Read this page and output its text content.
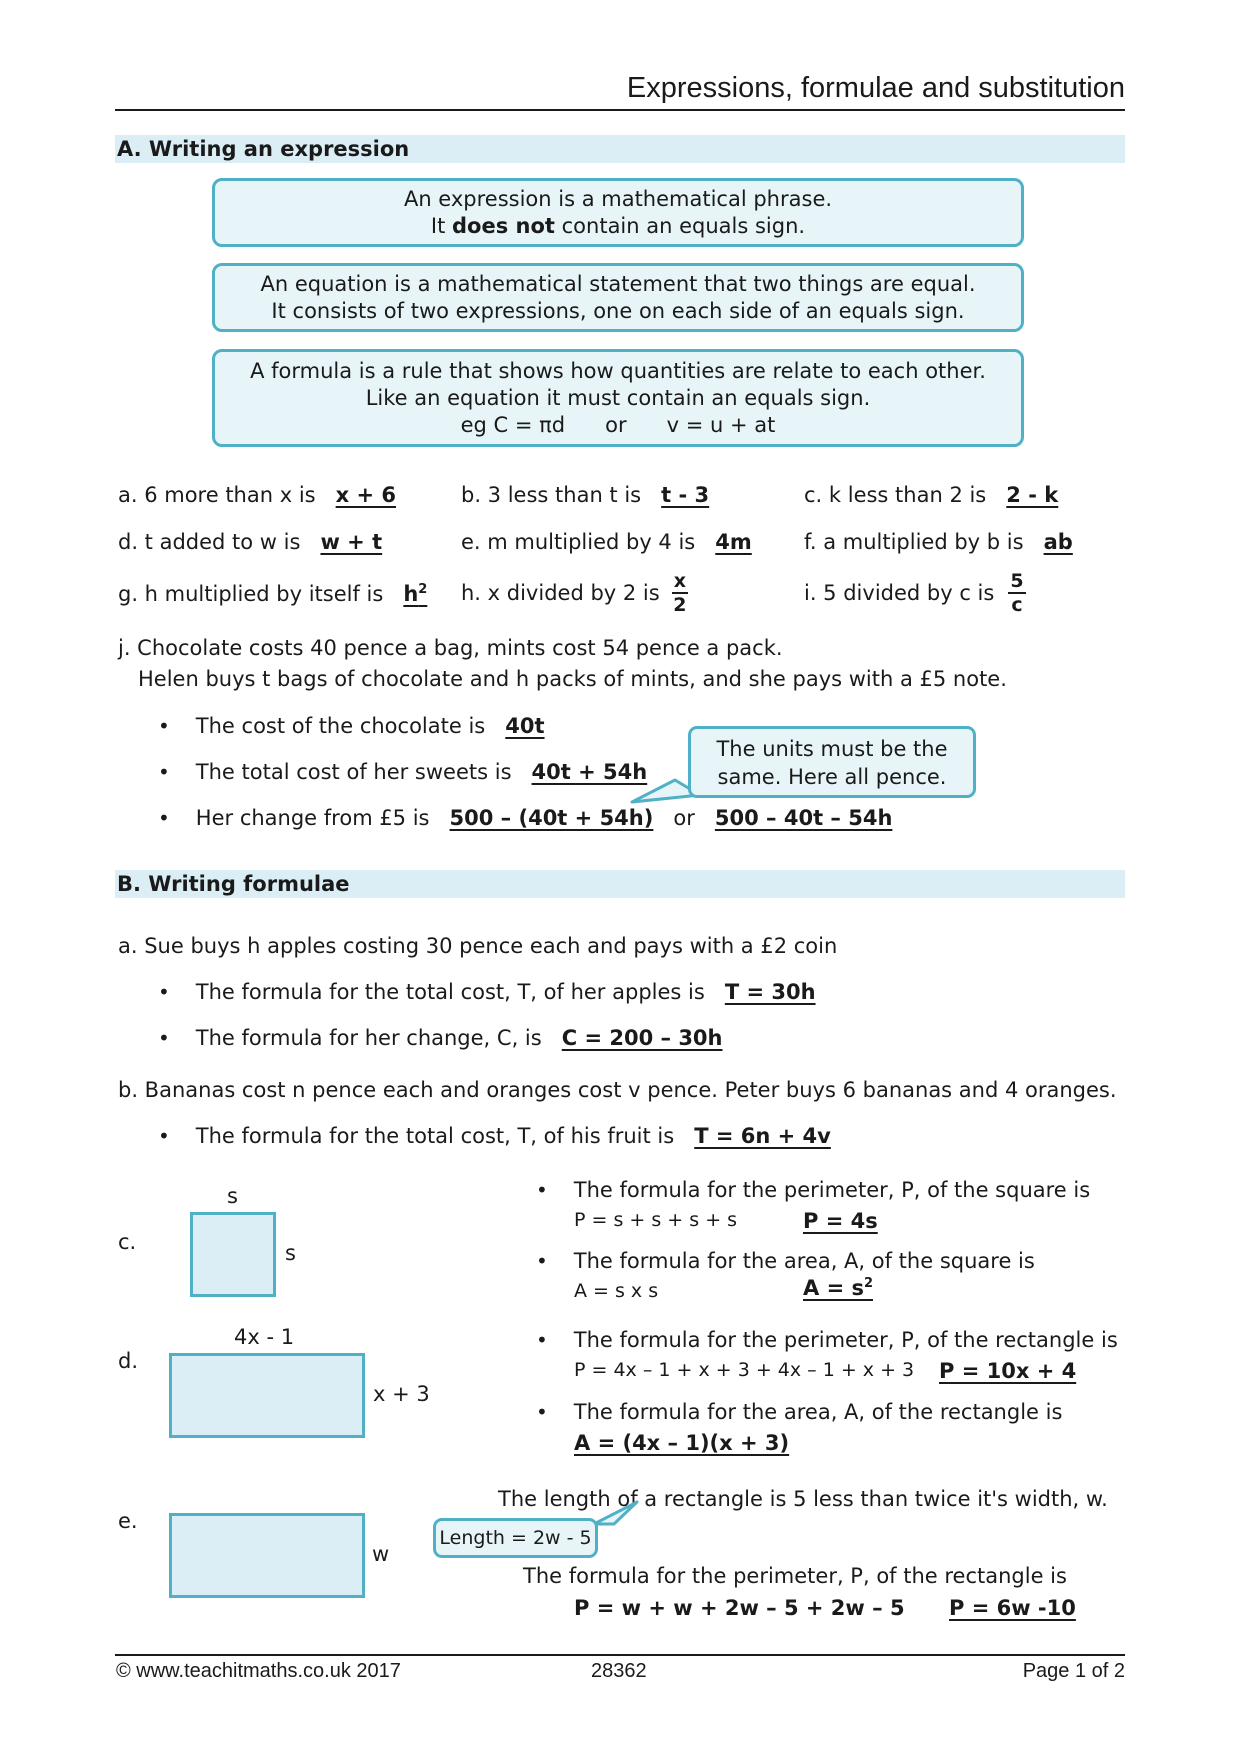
Expressions, formulae and substitution
A. Writing an expression
An expression is a mathematical phrase.
It does not contain an equals sign.
An equation is a mathematical statement that two things are equal.
It consists of two expressions, one on each side of an equals sign.
A formula is a rule that shows how quantities are relate to each other.
Like an equation it must contain an equals sign.
eg C = πd or v = u + at
a. 6 more than x is x + 6	b. 3 less than t is t - 3	c. k less than 2 is 2 - k
d. t added to w is w + t	e. m multiplied by 4 is 4m f. a multiplied by b is ab
g. h multiplied by itself is $h^2$ h. x divided by 2 is $\frac{x}{2}$	i. 5 divided by c is $\frac{5}{c}$
j. Chocolate costs 40 pence a bag, mints cost 54 pence a pack.
Helen buys t bags of chocolate and h packs of mints, and she pays with a £5 note.
• The cost of the chocolate is 40t
• The total cost of her sweets is 40t + 54h
• Her change from £5 is 500 – (40t + 54h) or 500 – 40t – 54h
The units must be the
same. Here all pence.
B. Writing formulae
a. Sue buys h apples costing 30 pence each and pays with a £2 coin
• The formula for the total cost, T, of her apples is T = 30h
• The formula for her change, C, is C = 200 – 30h
b. Bananas cost n pence each and oranges cost v pence. Peter buys 6 bananas and 4 oranges.
• The formula for the total cost, T, of his fruit is T = 6n + 4v
c.
s
s
• The formula for the perimeter, P, of the square is
P = s + s + s + s	P = 4s
• The formula for the area, A, of the square is
A = s x s	$A = s^2$
d.
4x - 1
x + 3
• The formula for the perimeter, P, of the rectangle is
P = 4x – 1 + x + 3 + 4x – 1 + x + 3 P = 10x + 4
• The formula for the area, A, of the rectangle is
A = (4x – 1)(x + 3)
e.
w
The length of a rectangle is 5 less than twice it's width, w.
Length = 2w - 5
The formula for the perimeter, P, of the rectangle is
P = w + w + 2w – 5 + 2w – 5 P = 6w -10
© www.teachitmaths.co.uk 2017	28362	Page 1 of 2
